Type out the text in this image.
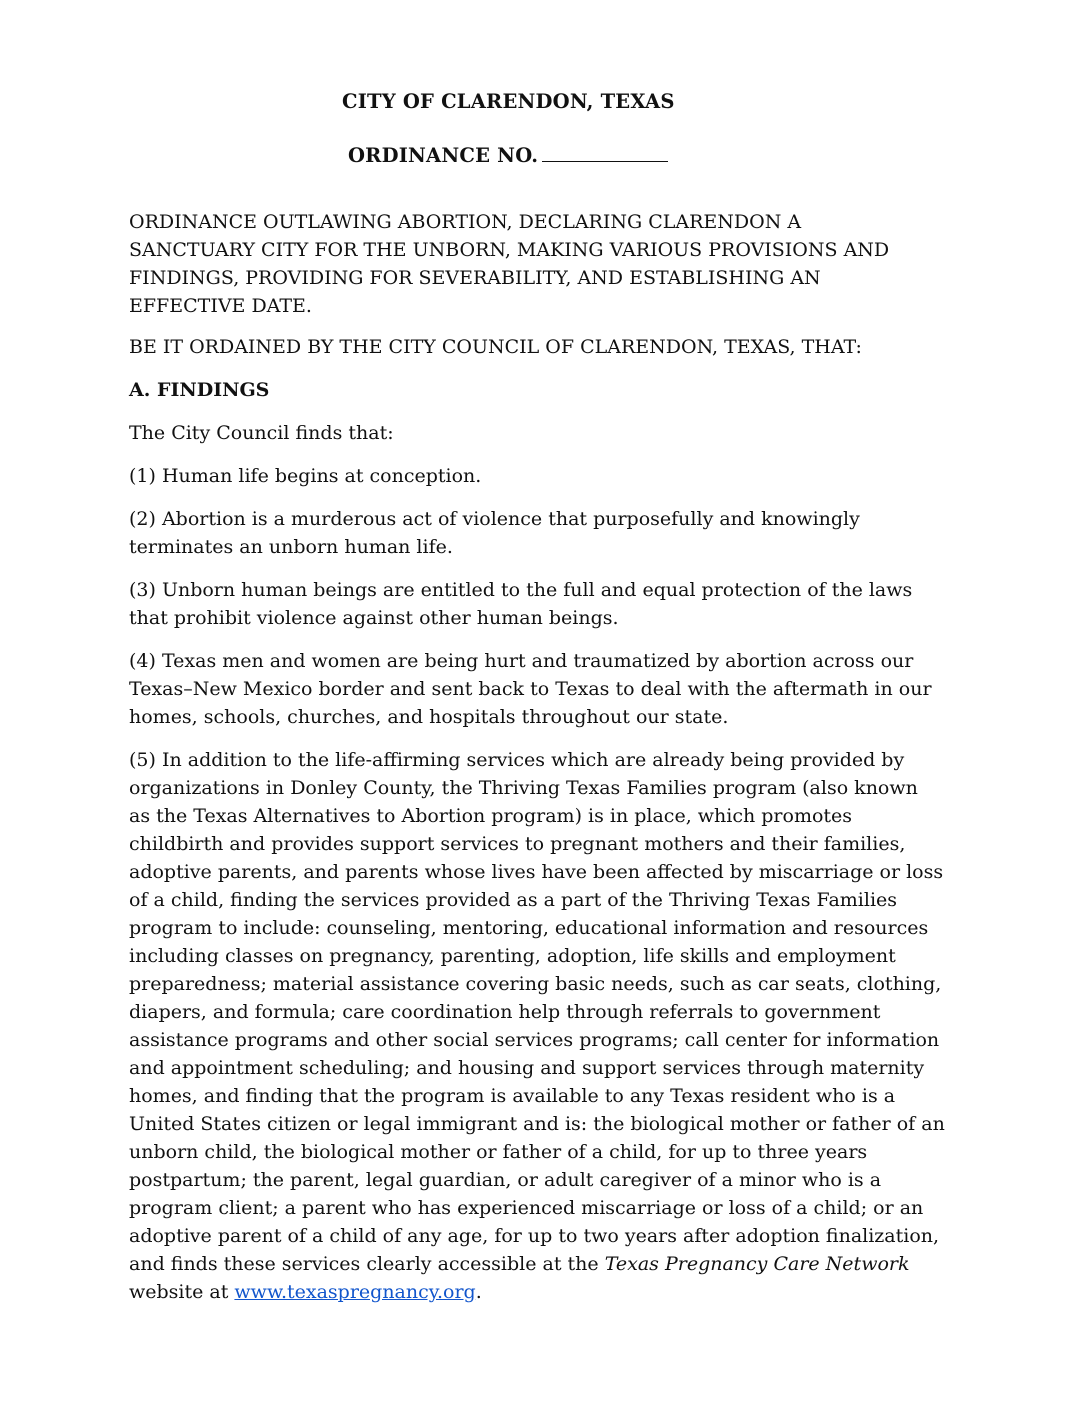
CITY OF CLARENDON, TEXAS
ORDINANCE NO.

ORDINANCE OUTLAWING ABORTION, DECLARING CLARENDON A
SANCTUARY CITY FOR THE UNBORN, MAKING VARIOUS PROVISIONS AND
FINDINGS, PROVIDING FOR SEVERABILITY, AND ESTABLISHING AN
EFFECTIVE DATE.

BE IT ORDAINED BY THE CITY COUNCIL OF CLARENDON, TEXAS, THAT:

A. FINDINGS

The City Council finds that:

(1) Human life begins at conception.

(2) Abortion is a murderous act of violence that purposefully and knowingly
terminates an unborn human life.

(3) Unborn human beings are entitled to the full and equal protection of the laws
that prohibit violence against other human beings.

(4) Texas men and women are being hurt and traumatized by abortion across our
Texas–New Mexico border and sent back to Texas to deal with the aftermath in our
homes, schools, churches, and hospitals throughout our state.

(5) In addition to the life-affirming services which are already being provided by
organizations in Donley County, the Thriving Texas Families program (also known
as the Texas Alternatives to Abortion program) is in place, which promotes
childbirth and provides support services to pregnant mothers and their families,
adoptive parents, and parents whose lives have been affected by miscarriage or loss
of a child, finding the services provided as a part of the Thriving Texas Families
program to include: counseling, mentoring, educational information and resources
including classes on pregnancy, parenting, adoption, life skills and employment
preparedness; material assistance covering basic needs, such as car seats, clothing,
diapers, and formula; care coordination help through referrals to government
assistance programs and other social services programs; call center for information
and appointment scheduling; and housing and support services through maternity
homes, and finding that the program is available to any Texas resident who is a
United States citizen or legal immigrant and is: the biological mother or father of an
unborn child, the biological mother or father of a child, for up to three years
postpartum; the parent, legal guardian, or adult caregiver of a minor who is a
program client; a parent who has experienced miscarriage or loss of a child; or an
adoptive parent of a child of any age, for up to two years after adoption finalization,
and finds these services clearly accessible at the Texas Pregnancy Care Network
website at www.texaspregnancy.org.
